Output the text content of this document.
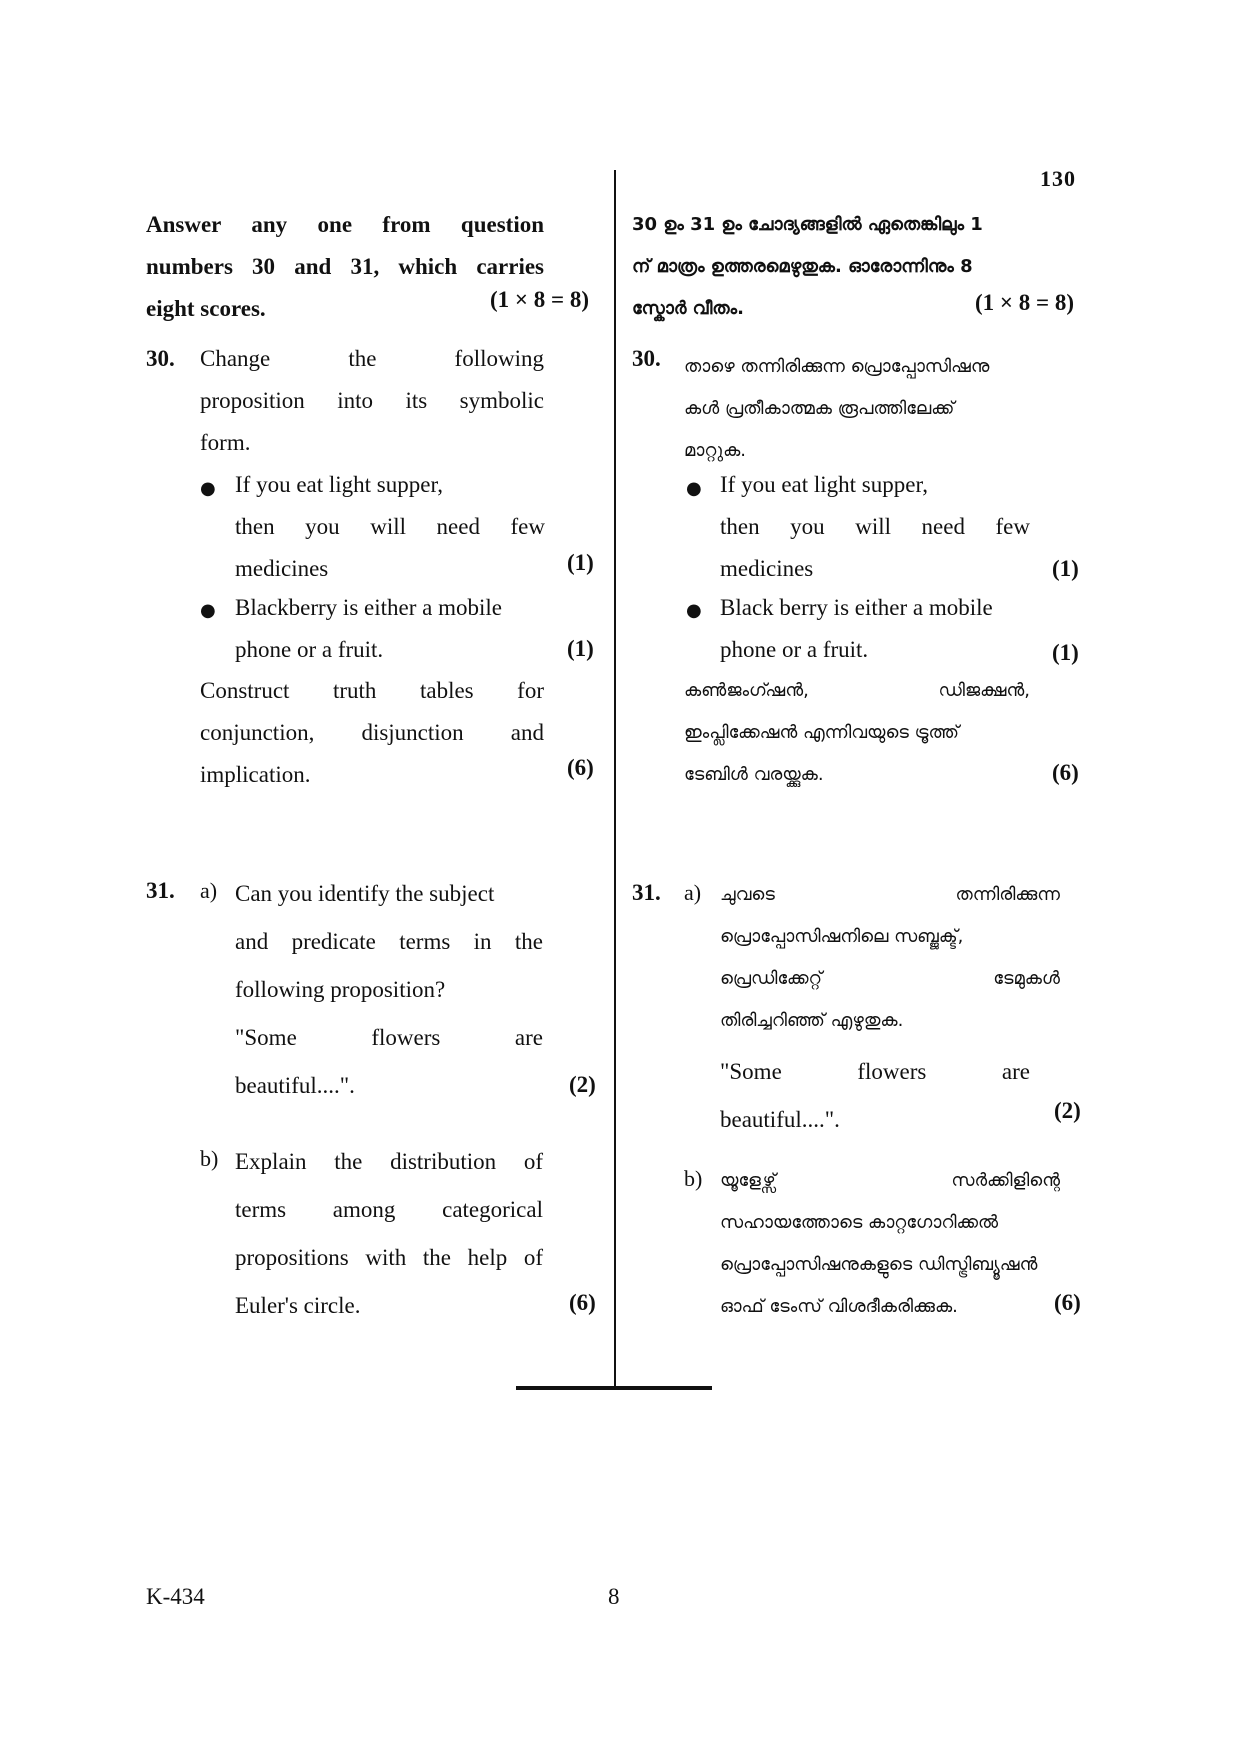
130
Answer any one from question
numbers 30 and 31, which carries
eight scores.	(1 × 8 = 8)
30. Change the following
proposition into its symbolic
form.
● If you eat light supper,

then you will need few
medicines	(1)
● Blackberry is either a mobile
phone or a fruit.	(1)
Construct truth tables for
conjunction, disjunction and
implication.	(6)
31. a) Can you identify the subject

and predicate terms in the
following proposition?

"Some flowers are
beautiful....".	(2)
b) Explain the distribution of
terms among categorical
propositions with the help of
Euler's circle.	(6)
30 ഉം 31 ഉം ചോദ്യങ്ങളിൽ ഏതെങ്കിലും 1
ന് മാത്രം ഉത്തരമെഴുതുക. ഓരോന്നിനും 8
സ്കോർ വീതം.	(1 × 8 = 8)
30. താഴെ തന്നിരിക്കുന്ന പ്രൊപ്പോസിഷനു
കൾ പ്രതീകാത്മക രൂപത്തിലേക്ക്
മാറ്റുക.
● If you eat light supper,

then you will need few
medicines	(1)
● Black berry is either a mobile
phone or a fruit.	(1)
കൺജംഗ്ഷൻ, ഡിജക്ഷൻ,
ഇംപ്ലിക്കേഷൻ എന്നിവയുടെ ട്രൂത്ത്
ടേബിൾ വരയ്ക്കുക.	(6)
31. a) ചുവടെ തന്നിരിക്കുന്ന
പ്രൊപ്പോസിഷനിലെ സബ്ജക്ട്,

പ്രെഡിക്കേറ്റ് ടേമുകൾ
തിരിച്ചറിഞ്ഞ് എഴുതുക.
"Some flowers are
beautiful....".	(2)
b) യൂളേഴ്സ് സർക്കിളിന്റെ
സഹായത്തോടെ കാറ്റഗോറിക്കൽ
പ്രൊപ്പോസിഷനുകളുടെ ഡിസ്ട്രിബ്യൂഷൻ
ഓഫ് ടേംസ് വിശദീകരിക്കുക.	(6)
K-434	8
